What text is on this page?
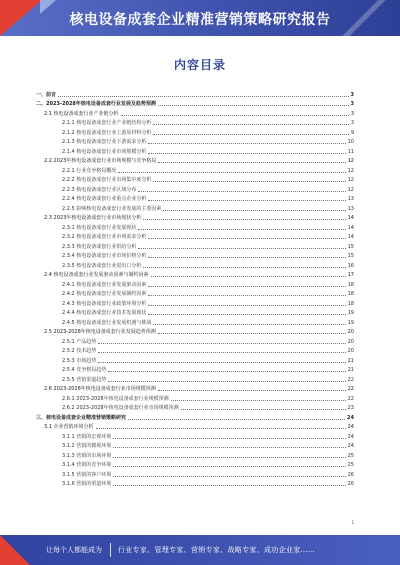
核电设备成套企业精准营销策略研究报告
内容目录
一、前言	3
二、2023-2028年核电设备成套行业发展及趋势预测	3
2.1 核电设备成套行业产业链分析	3
2.1.1 核电设备成套行业产业链结构分析	3
2.1.2 核电设备成套行业上游原材料分析	9
2.1.3 核电设备成套行业下游需求分析	10
2.1.4 核电设备成套行业市场规模分析	11
2.2 2023年核电设备成套行业市场规模与竞争格局	12
2.2.1 行业竞争格局概况	12
2.2.2 核电设备成套行业市场集中度分析	12
2.2.3 核电设备成套行业区域分布	12
2.2.4 核电设备成套行业重点企业分析	13
2.2.5 影响核电设备成套行业发展的主要因素	13
2.3 2023年核电设备成套行业市场现状分析	14
2.3.1 核电设备成套行业发展现状	14
2.3.2 核电设备成套行业市场需求分析	14
2.3.3 核电设备成套行业供给分析	15
2.3.4 核电设备成套行业市场价格分析	15
2.3.5 核电设备成套行业进出口分析	16
2.4 核电设备成套行业发展驱动因素与制约因素	17
2.4.1 核电设备成套行业发展驱动因素	18
2.4.2 核电设备成套行业发展制约因素	18
2.4.3 核电设备成套行业政策环境分析	18
2.4.4 核电设备成套行业技术发展现状	19
2.4.5 核电设备成套行业发展机遇与挑战	19
2.5 2023-2028年核电设备成套行业发展趋势预测	20
2.5.1 产品趋势	20
2.5.2 技术趋势	20
2.5.3 市场趋势	21
2.5.4 竞争格局趋势	21
2.5.5 营销渠道趋势	22
2.6 2023-2028年核电设备成套行业市场规模预测	22
2.6.1 2023-2028年核电设备成套行业规模预测	22
2.6.2 2023-2028年核电设备成套行业市场规模预测	23
三、核电设备成套企业精准营销策略研究	24
3.1 企业营销环境分析	24
3.1.1 营销的宏观环境	24
3.1.2 营销的微观环境	24
3.1.3 营销的市场环境	25
3.1.4 营销的竞争环境	25
3.1.5 营销的客户环境	26
3.1.6 营销的渠道环境	26
1
让每个人都能成为 行业专家、管理专家、营销专家、战略专家、成功企业家……
